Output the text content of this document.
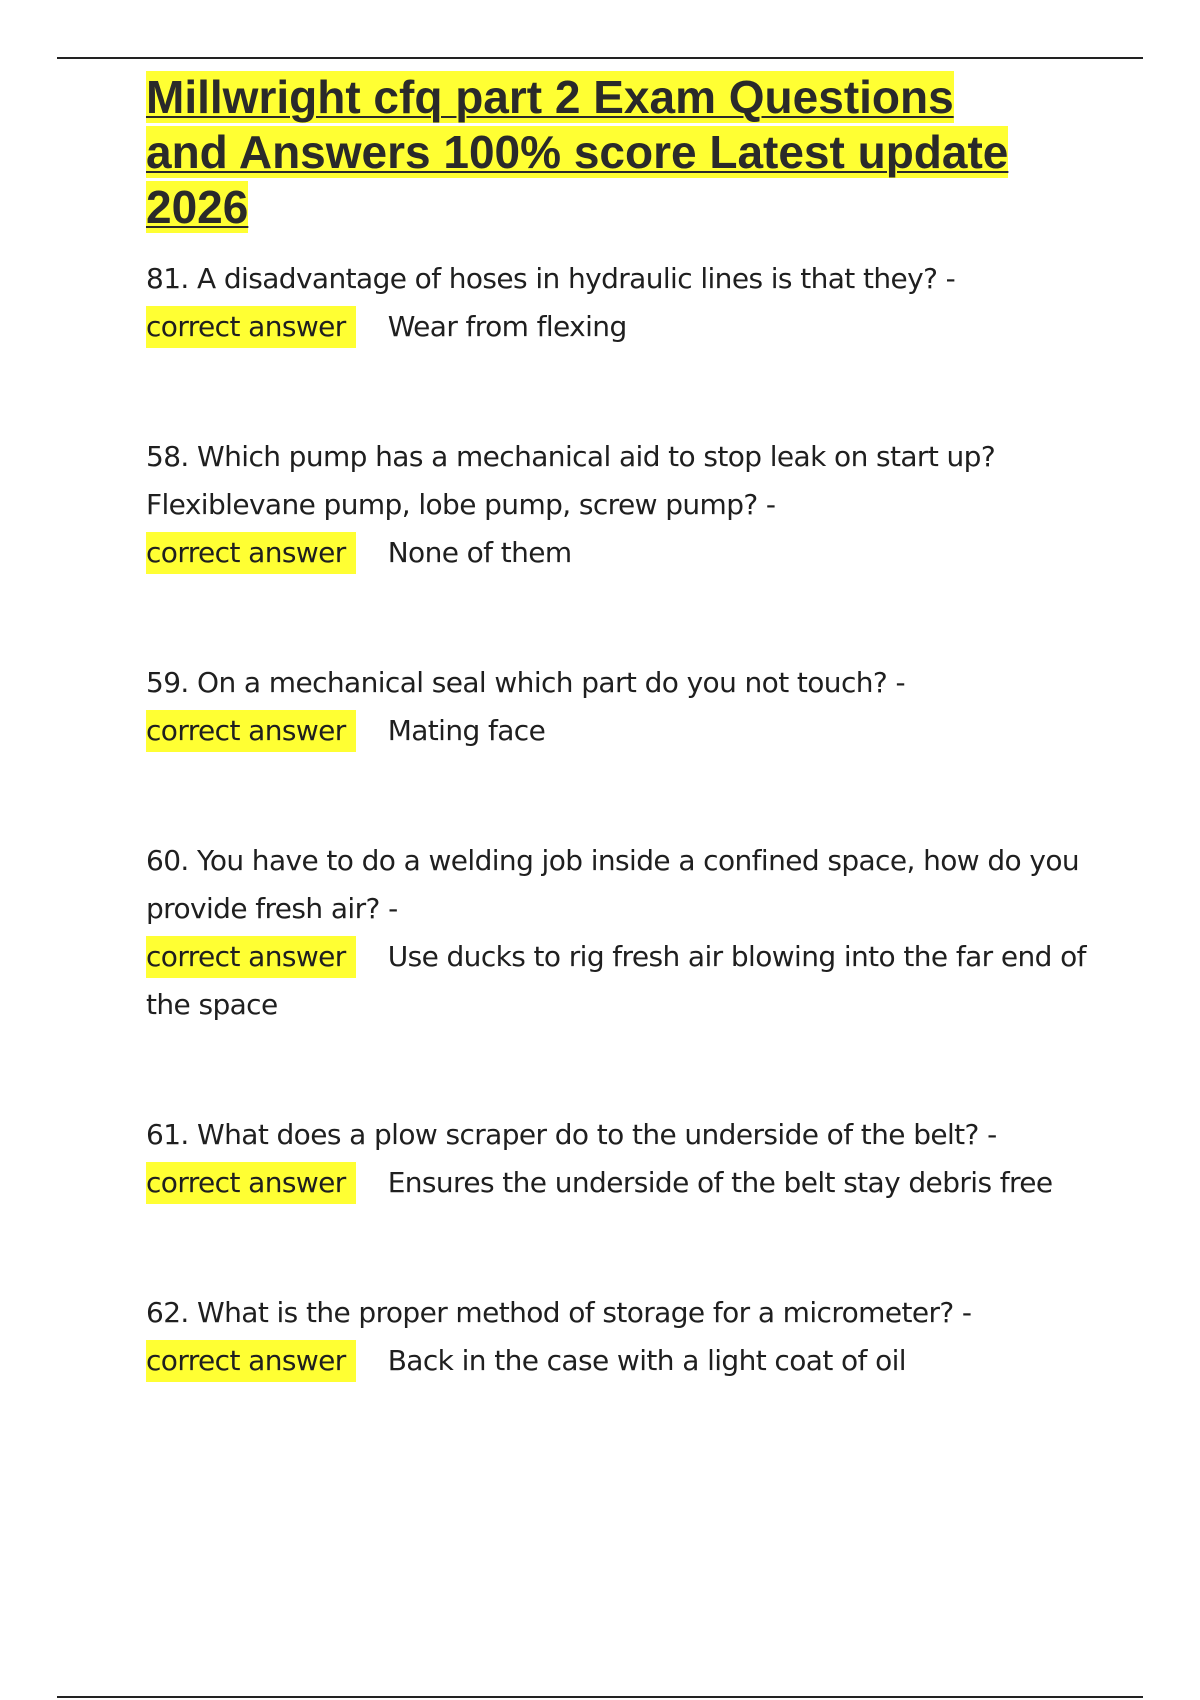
Millwright cfq part 2 Exam Questions and Answers 100% score Latest update 2026
81. A disadvantage of hoses in hydraulic lines is that they? -
correct answer Wear from flexing
58. Which pump has a mechanical aid to stop leak on start up? Flexiblevane pump, lobe pump, screw pump? -
correct answer None of them
59. On a mechanical seal which part do you not touch? -
correct answer Mating face
60. You have to do a welding job inside a confined space, how do you provide fresh air? -
correct answer Use ducks to rig fresh air blowing into the far end of the space
61. What does a plow scraper do to the underside of the belt? -
correct answer Ensures the underside of the belt stay debris free
62. What is the proper method of storage for a micrometer? -
correct answer Back in the case with a light coat of oil
